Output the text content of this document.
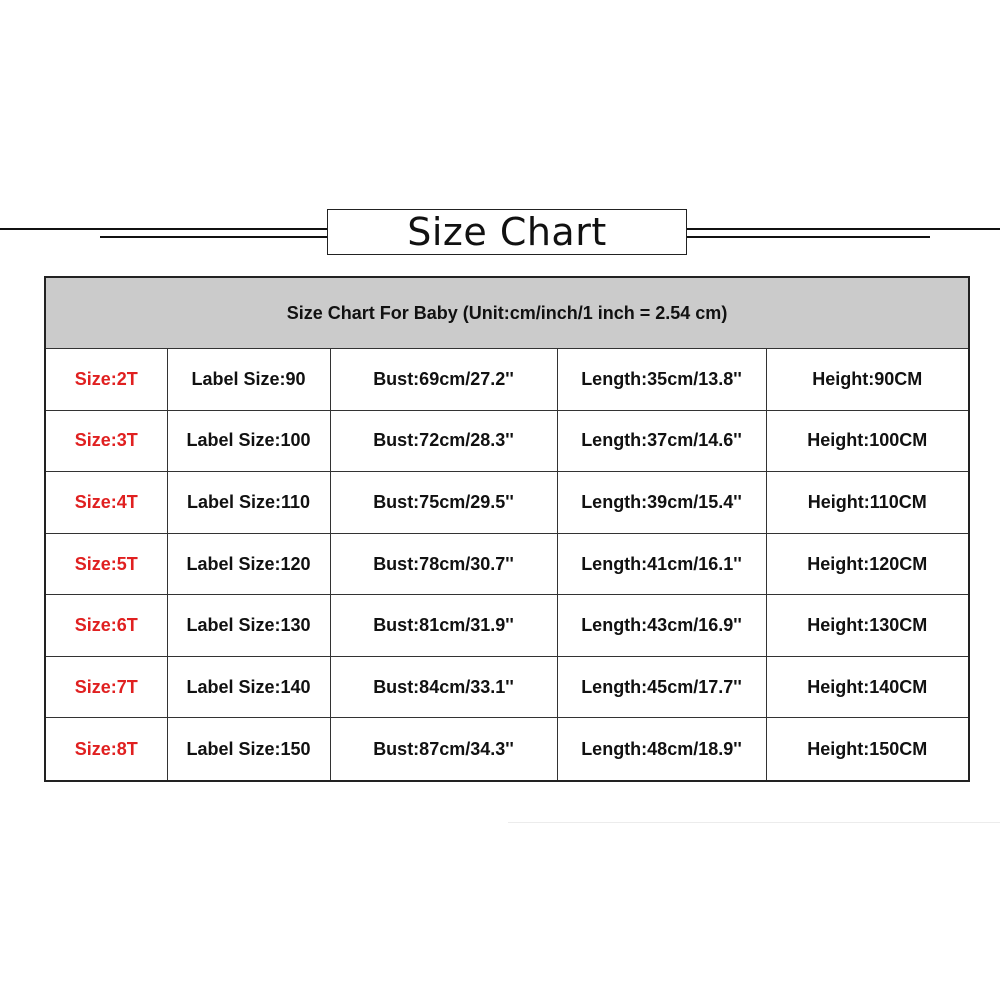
Size Chart
Size Chart For Baby (Unit:cm/inch/1 inch = 2.54 cm)				
Size:2T	Label Size:90	Bust:69cm/27.2''	Length:35cm/13.8''	Height:90CM
Size:3T	Label Size:100	Bust:72cm/28.3''	Length:37cm/14.6''	Height:100CM
Size:4T	Label Size:110	Bust:75cm/29.5''	Length:39cm/15.4''	Height:110CM
Size:5T	Label Size:120	Bust:78cm/30.7''	Length:41cm/16.1''	Height:120CM
Size:6T	Label Size:130	Bust:81cm/31.9''	Length:43cm/16.9''	Height:130CM
Size:7T	Label Size:140	Bust:84cm/33.1''	Length:45cm/17.7''	Height:140CM
Size:8T	Label Size:150	Bust:87cm/34.3''	Length:48cm/18.9''	Height:150CM
